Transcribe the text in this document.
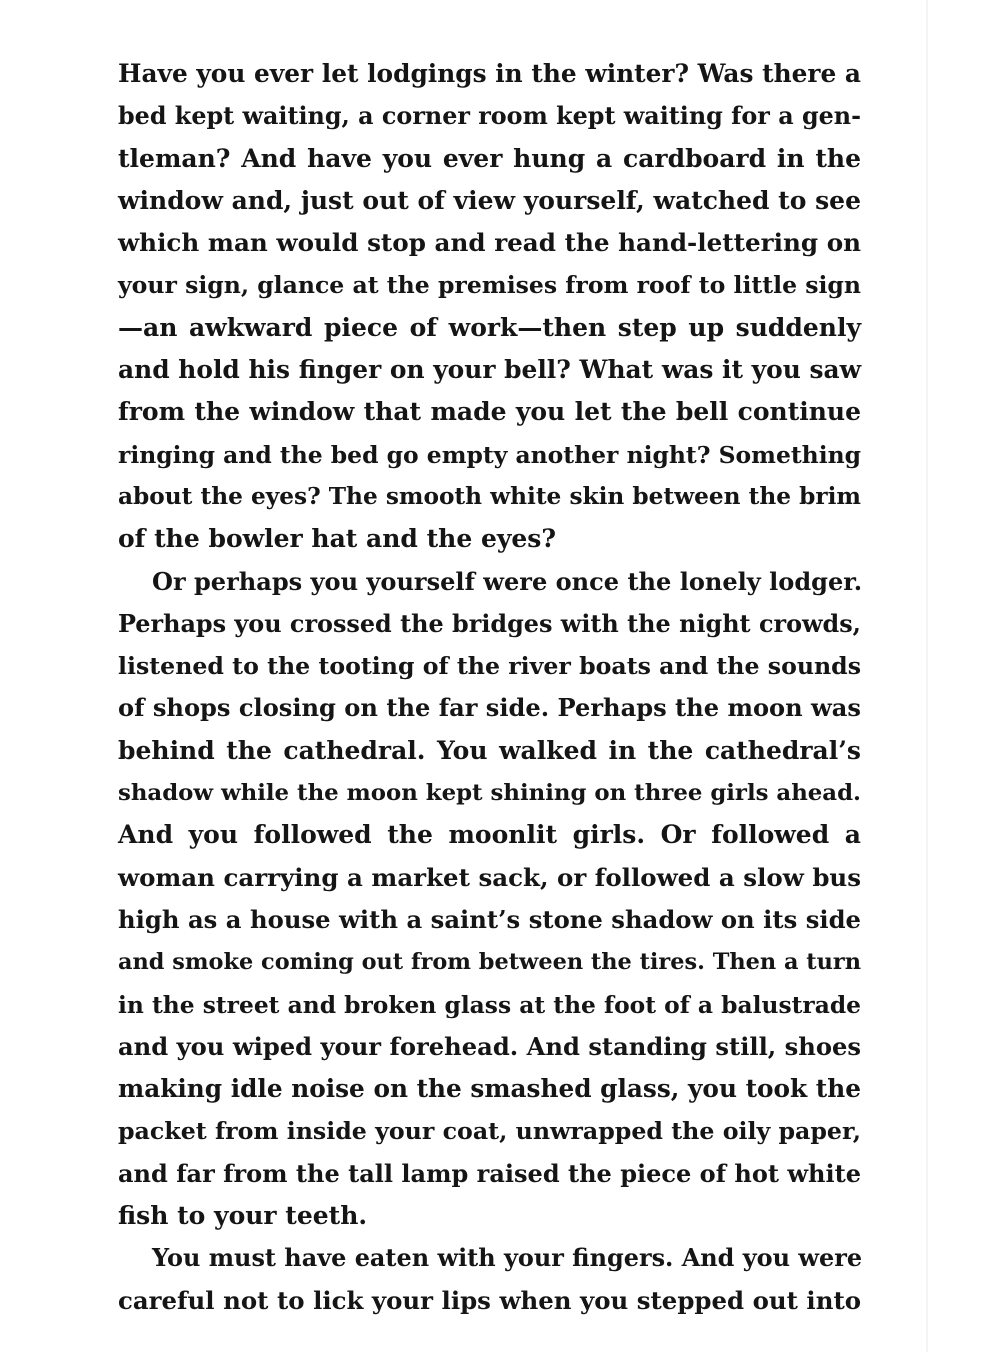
Have you ever let lodgings in the winter? Was there a
bed kept waiting, a corner room kept waiting for a gen-
tleman? And have you ever hung a cardboard in the
window and, just out of view yourself, watched to see
which man would stop and read the hand-lettering on
your sign, glance at the premises from roof to little sign
—an awkward piece of work—then step up suddenly
and hold his finger on your bell? What was it you saw
from the window that made you let the bell continue
ringing and the bed go empty another night? Something
about the eyes? The smooth white skin between the brim
of the bowler hat and the eyes?
Or perhaps you yourself were once the lonely lodger.
Perhaps you crossed the bridges with the night crowds,
listened to the tooting of the river boats and the sounds
of shops closing on the far side. Perhaps the moon was
behind the cathedral. You walked in the cathedral’s
shadow while the moon kept shining on three girls ahead.
And you followed the moonlit girls. Or followed a
woman carrying a market sack, or followed a slow bus
high as a house with a saint’s stone shadow on its side
and smoke coming out from between the tires. Then a turn
in the street and broken glass at the foot of a balustrade
and you wiped your forehead. And standing still, shoes
making idle noise on the smashed glass, you took the
packet from inside your coat, unwrapped the oily paper,
and far from the tall lamp raised the piece of hot white
fish to your teeth.
You must have eaten with your fingers. And you were
careful not to lick your lips when you stepped out into
